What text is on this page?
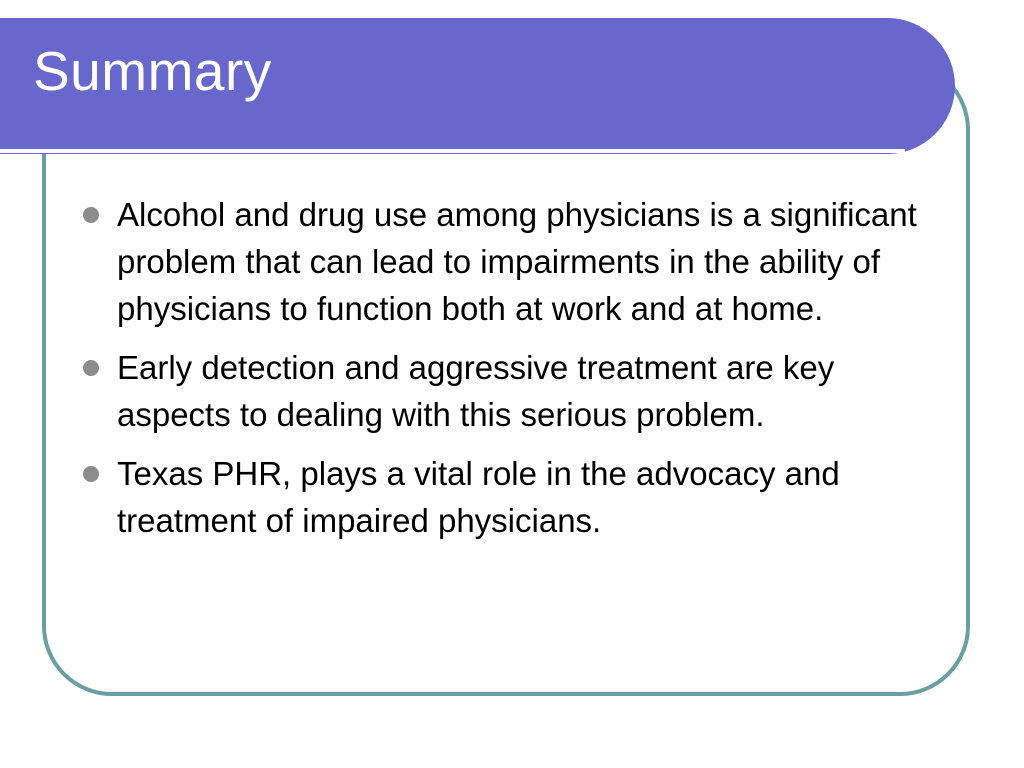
Summary
Alcohol and drug use among physicians is a significant problem that can lead to impairments in the ability of physicians to function both at work and at home.
Early detection and aggressive treatment are key aspects to dealing with this serious problem.
Texas PHR, plays a vital role in the advocacy and treatment of impaired physicians.
